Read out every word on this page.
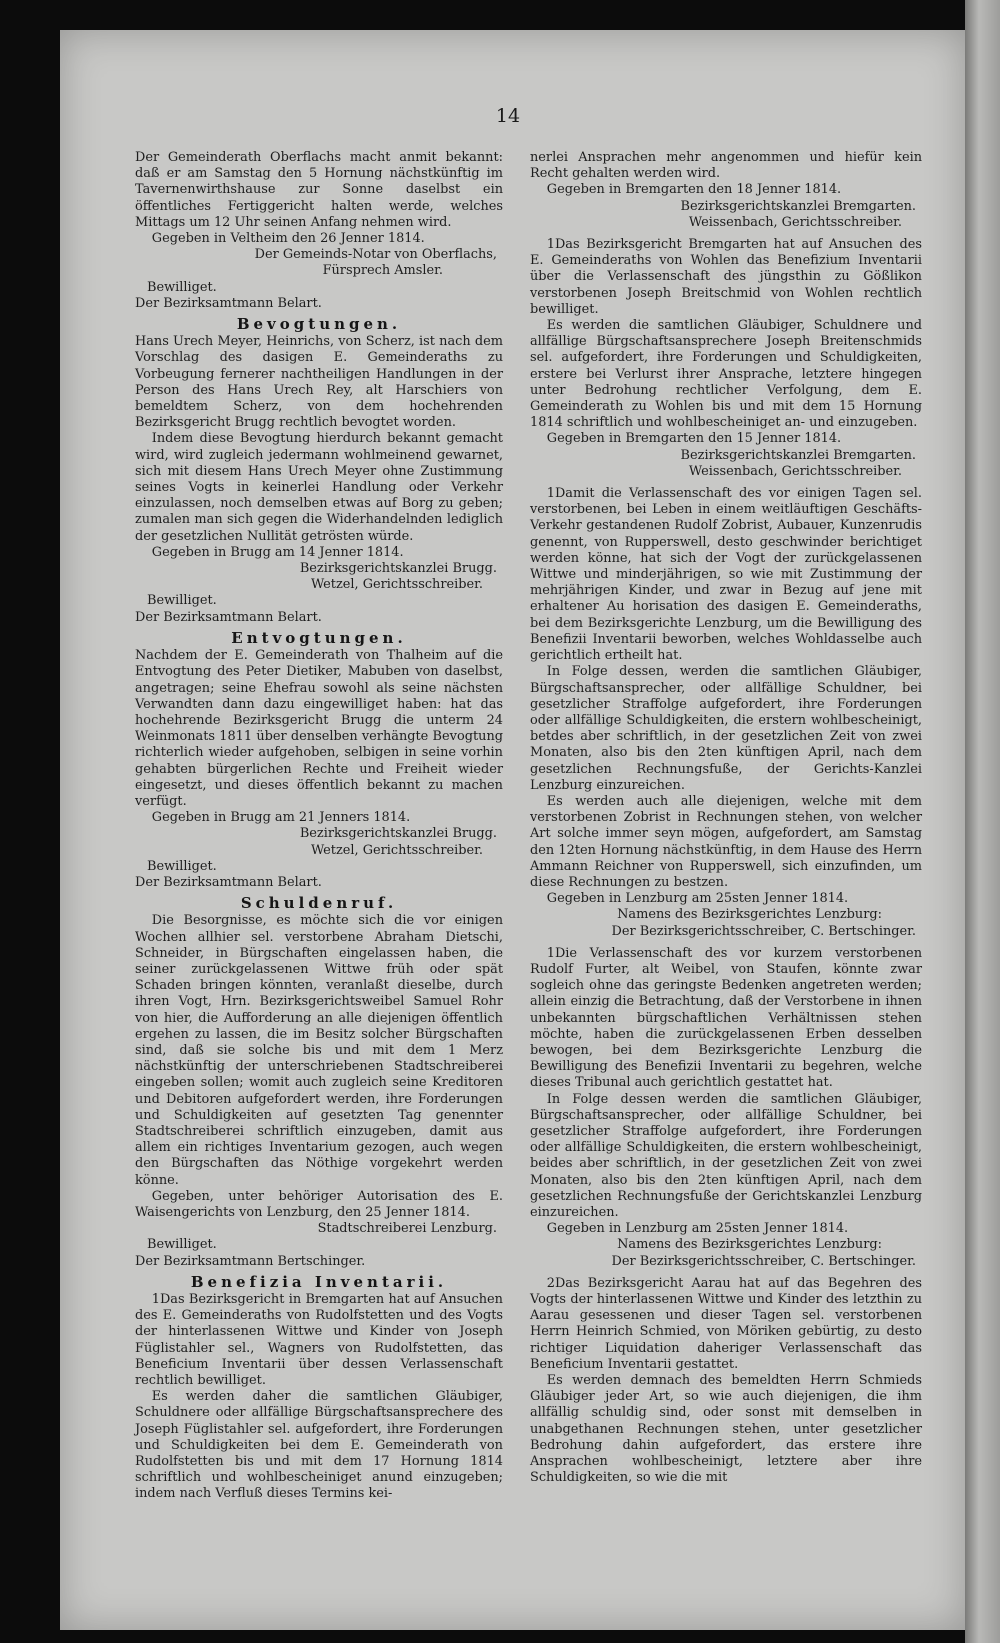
14

Der Gemeinderath Oberflachs macht anmit bekannt: daß er am Samstag den 5 Hornung nächstkünftig im Tavernenwirthshause zur Sonne daselbst ein öffentliches Fertiggericht halten werde, welches Mittags um 12 Uhr seinen Anfang nehmen wird.

Gegeben in Veltheim den 26 Jenner 1814.

Der Gemeinds-Notar von Oberflachs,

Fürsprech Amsler.

Bewilliget.

Der Bezirksamtmann Belart.

Bevogtungen.

Hans Urech Meyer, Heinrichs, von Scherz, ist nach dem Vorschlag des dasigen E. Gemeinderaths zu Vorbeugung fernerer nachtheiligen Handlungen in der Person des Hans Urech Rey, alt Harschiers von bemeldtem Scherz, von dem hochehrenden Bezirksgericht Brugg rechtlich bevogtet worden.

Indem diese Bevogtung hierdurch bekannt gemacht wird, wird zugleich jedermann wohlmeinend gewarnet, sich mit diesem Hans Urech Meyer ohne Zustimmung seines Vogts in keinerlei Handlung oder Verkehr einzulassen, noch demselben etwas auf Borg zu geben; zumalen man sich gegen die Widerhandelnden lediglich der gesetzlichen Nullität getrösten würde.

Gegeben in Brugg am 14 Jenner 1814.

Bezirksgerichtskanzlei Brugg.

Wetzel, Gerichtsschreiber.

Bewilliget.

Der Bezirksamtmann Belart.

Entvogtungen.

Nachdem der E. Gemeinderath von Thalheim auf die Entvogtung des Peter Dietiker, Mabuben von daselbst, angetragen; seine Ehefrau sowohl als seine nächsten Verwandten dann dazu eingewilliget haben: hat das hochehrende Bezirksgericht Brugg die unterm 24 Weinmonats 1811 über denselben verhängte Bevogtung richterlich wieder aufgehoben, selbigen in seine vorhin gehabten bürgerlichen Rechte und Freiheit wieder eingesetzt, und dieses öffentlich bekannt zu machen verfügt.

Gegeben in Brugg am 21 Jenners 1814.

Bezirksgerichtskanzlei Brugg.

Wetzel, Gerichtsschreiber.

Bewilliget.

Der Bezirksamtmann Belart.

Schuldenruf.

Die Besorgnisse, es möchte sich die vor einigen Wochen allhier sel. verstorbene Abraham Dietschi, Schneider, in Bürgschaften eingelassen haben, die seiner zurückgelassenen Wittwe früh oder spät Schaden bringen könnten, veranlaßt dieselbe, durch ihren Vogt, Hrn. Bezirksgerichtsweibel Samuel Rohr von hier, die Aufforderung an alle diejenigen öffentlich ergehen zu lassen, die im Besitz solcher Bürgschaften sind, daß sie solche bis und mit dem 1 Merz nächstkünftig der unterschriebenen Stadtschreiberei eingeben sollen; womit auch zugleich seine Kreditoren und Debitoren aufgefordert werden, ihre Forderungen und Schuldigkeiten auf gesetzten Tag genennter Stadtschreiberei schriftlich einzugeben, damit aus allem ein richtiges Inventarium gezogen, auch wegen den Bürgschaften das Nöthige vorgekehrt werden könne.

Gegeben, unter behöriger Autorisation des E. Waisengerichts von Lenzburg, den 25 Jenner 1814.

Stadtschreiberei Lenzburg.

Bewilliget.

Der Bezirksamtmann Bertschinger.

Benefizia Inventarii.

1Das Bezirksgericht in Bremgarten hat auf Ansuchen des E. Gemeinderaths von Rudolfstetten und des Vogts der hinterlassenen Wittwe und Kinder von Joseph Füglistahler sel., Wagners von Rudolfstetten, das Beneficium Inventarii über dessen Verlassenschaft rechtlich bewilliget.

Es werden daher die samtlichen Gläubiger, Schuldnere oder allfällige Bürgschaftsansprechere des Joseph Füglistahler sel. aufgefordert, ihre Forderungen und Schuldigkeiten bei dem E. Gemeinderath von Rudolfstetten bis und mit dem 17 Hornung 1814 schriftlich und wohlbescheiniget anund einzugeben; indem nach Verfluß dieses Termins kei-

nerlei Ansprachen mehr angenommen und hiefür kein Recht gehalten werden wird.

Gegeben in Bremgarten den 18 Jenner 1814.

Bezirksgerichtskanzlei Bremgarten.

Weissenbach, Gerichtsschreiber.

1Das Bezirksgericht Bremgarten hat auf Ansuchen des E. Gemeinderaths von Wohlen das Benefizium Inventarii über die Verlassenschaft des jüngsthin zu Gößlikon verstorbenen Joseph Breitschmid von Wohlen rechtlich bewilliget.

Es werden die samtlichen Gläubiger, Schuldnere und allfällige Bürgschaftsansprechere Joseph Breitenschmids sel. aufgefordert, ihre Forderungen und Schuldigkeiten, erstere bei Verlurst ihrer Ansprache, letztere hingegen unter Bedrohung rechtlicher Verfolgung, dem E. Gemeinderath zu Wohlen bis und mit dem 15 Hornung 1814 schriftlich und wohlbescheiniget an- und einzugeben.

Gegeben in Bremgarten den 15 Jenner 1814.

Bezirksgerichtskanzlei Bremgarten.

Weissenbach, Gerichtsschreiber.

1Damit die Verlassenschaft des vor einigen Tagen sel. verstorbenen, bei Leben in einem weitläuftigen Geschäfts-Verkehr gestandenen Rudolf Zobrist, Aubauer, Kunzenrudis genennt, von Rupperswell, desto geschwinder berichtiget werden könne, hat sich der Vogt der zurückgelassenen Wittwe und minderjährigen, so wie mit Zustimmung der mehrjährigen Kinder, und zwar in Bezug auf jene mit erhaltener Au horisation des dasigen E. Gemeinderaths, bei dem Bezirksgerichte Lenzburg, um die Bewilligung des Benefizii Inventarii beworben, welches Wohldasselbe auch gerichtlich ertheilt hat.

In Folge dessen, werden die samtlichen Gläubiger, Bürgschaftsansprecher, oder allfällige Schuldner, bei gesetzlicher Straffolge aufgefordert, ihre Forderungen oder allfällige Schuldigkeiten, die erstern wohlbescheinigt, betdes aber schriftlich, in der gesetzlichen Zeit von zwei Monaten, also bis den 2ten künftigen April, nach dem gesetzlichen Rechnungsfuße, der Gerichts-Kanzlei Lenzburg einzureichen.

Es werden auch alle diejenigen, welche mit dem verstorbenen Zobrist in Rechnungen stehen, von welcher Art solche immer seyn mögen, aufgefordert, am Samstag den 12ten Hornung nächstkünftig, in dem Hause des Herrn Ammann Reichner von Rupperswell, sich einzufinden, um diese Rechnungen zu bestzen.

Gegeben in Lenzburg am 25sten Jenner 1814.

Namens des Bezirksgerichtes Lenzburg:

Der Bezirksgerichtsschreiber, C. Bertschinger.

1Die Verlassenschaft des vor kurzem verstorbenen Rudolf Furter, alt Weibel, von Staufen, könnte zwar sogleich ohne das geringste Bedenken angetreten werden; allein einzig die Betrachtung, daß der Verstorbene in ihnen unbekannten bürgschaftlichen Verhältnissen stehen möchte, haben die zurückgelassenen Erben desselben bewogen, bei dem Bezirksgerichte Lenzburg die Bewilligung des Benefizii Inventarii zu begehren, welche dieses Tribunal auch gerichtlich gestattet hat.

In Folge dessen werden die samtlichen Gläubiger, Bürgschaftsansprecher, oder allfällige Schuldner, bei gesetzlicher Straffolge aufgefordert, ihre Forderungen oder allfällige Schuldigkeiten, die erstern wohlbescheinigt, beides aber schriftlich, in der gesetzlichen Zeit von zwei Monaten, also bis den 2ten künftigen April, nach dem gesetzlichen Rechnungsfuße der Gerichtskanzlei Lenzburg einzureichen.

Gegeben in Lenzburg am 25sten Jenner 1814.

Namens des Bezirksgerichtes Lenzburg:

Der Bezirksgerichtsschreiber, C. Bertschinger.

2Das Bezirksgericht Aarau hat auf das Begehren des Vogts der hinterlassenen Wittwe und Kinder des letzthin zu Aarau gesessenen und dieser Tagen sel. verstorbenen Herrn Heinrich Schmied, von Möriken gebürtig, zu desto richtiger Liquidation daheriger Verlassenschaft das Beneficium Inventarii gestattet.

Es werden demnach des bemeldten Herrn Schmieds Gläubiger jeder Art, so wie auch diejenigen, die ihm allfällig schuldig sind, oder sonst mit demselben in unabgethanen Rechnungen stehen, unter gesetzlicher Bedrohung dahin aufgefordert, das erstere ihre Ansprachen wohlbescheinigt, letztere aber ihre Schuldigkeiten, so wie die mit
